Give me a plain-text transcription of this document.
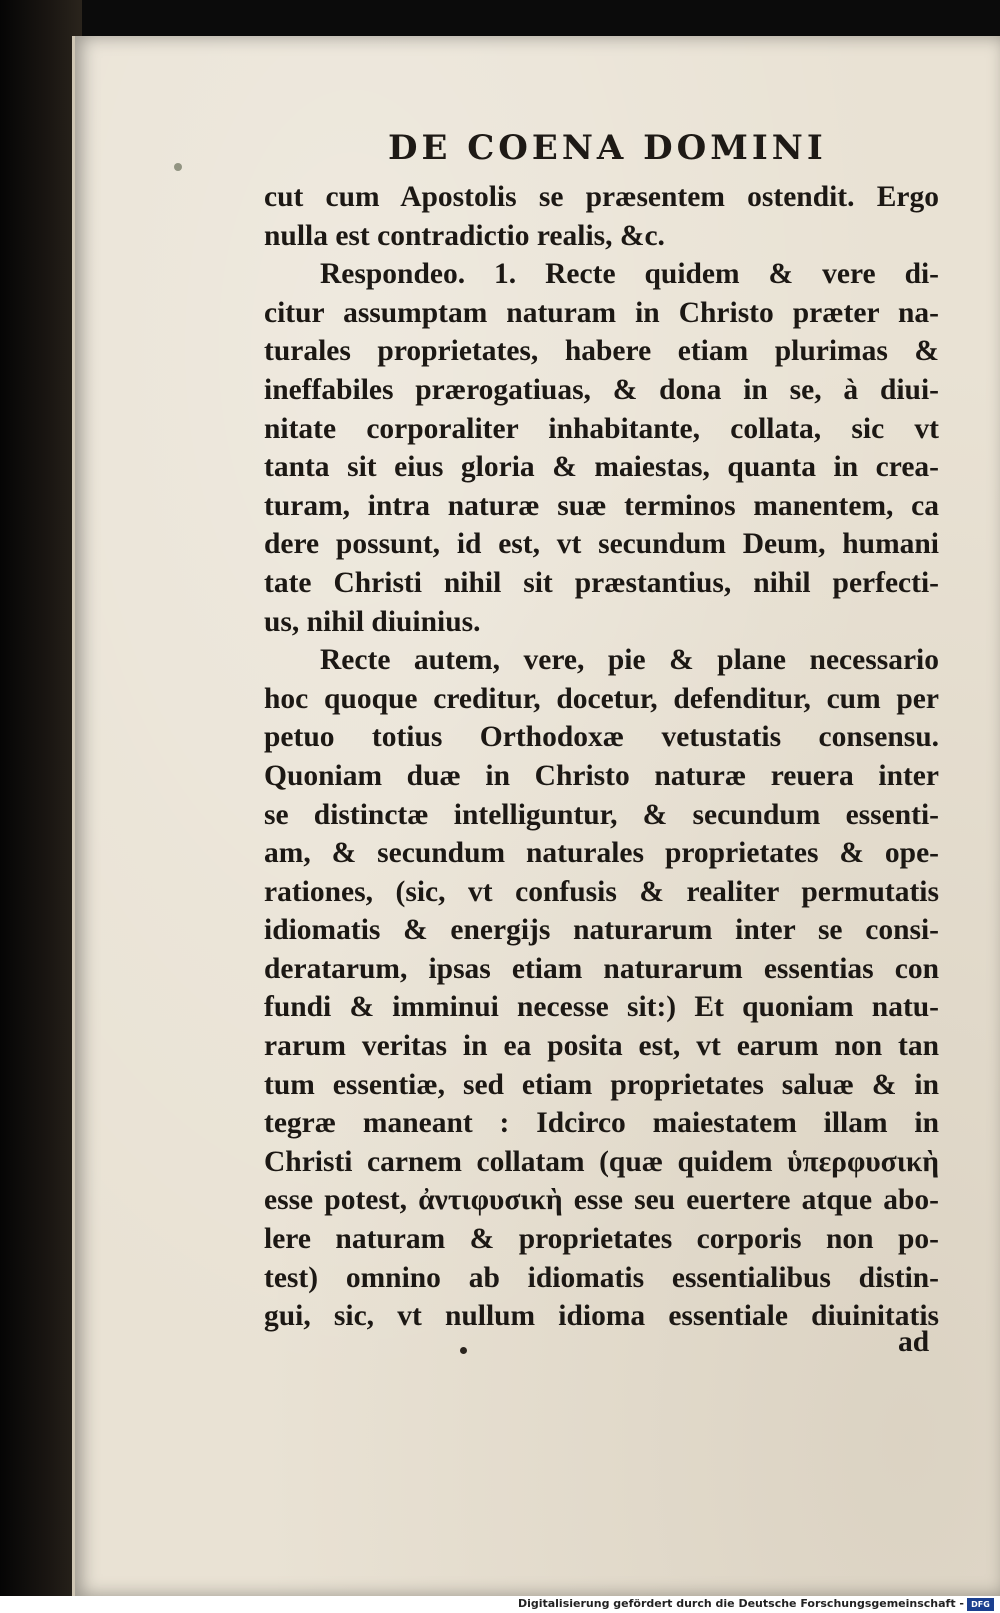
DE COENA DOMINI
cut cum Apostolis se præsentem ostendit. Ergo
nulla est contradictio realis, &c.
Respondeo. 1. Recte quidem & vere di-
citur assumptam naturam in Christo præter na-
turales proprietates, habere etiam plurimas &
ineffabiles prærogatiuas, & dona in se, à diui-
nitate corporaliter inhabitante, collata, sic vt
tanta sit eius gloria & maiestas, quanta in crea-
turam, intra naturæ suæ terminos manentem, ca
dere possunt, id est, vt secundum Deum, humani
tate Christi nihil sit præstantius, nihil perfecti-
us, nihil diuinius.
Recte autem, vere, pie & plane necessario
hoc quoque creditur, docetur, defenditur, cum per
petuo totius Orthodoxæ vetustatis consensu.
Quoniam duæ in Christo naturæ reuera inter
se distinctæ intelliguntur, & secundum essenti-
am, & secundum naturales proprietates & ope-
rationes, (sic, vt confusis & realiter permutatis
idiomatis & energijs naturarum inter se consi-
deratarum, ipsas etiam naturarum essentias con
fundi & imminui necesse sit:) Et quoniam natu-
rarum veritas in ea posita est, vt earum non tan
tum essentiæ, sed etiam proprietates saluæ & in
tegræ maneant : Idcirco maiestatem illam in
Christi carnem collatam (quæ quidem ὑπερφυσικὴ
esse potest, ἀντιφυσικὴ esse seu euertere atque abo-
lere naturam & proprietates corporis non po-
test) omnino ab idiomatis essentialibus distin-
gui, sic, vt nullum idioma essentiale diuinitatis
ad
Digitalisierung gefördert durch die Deutsche Forschungsgemeinschaft - DFG
